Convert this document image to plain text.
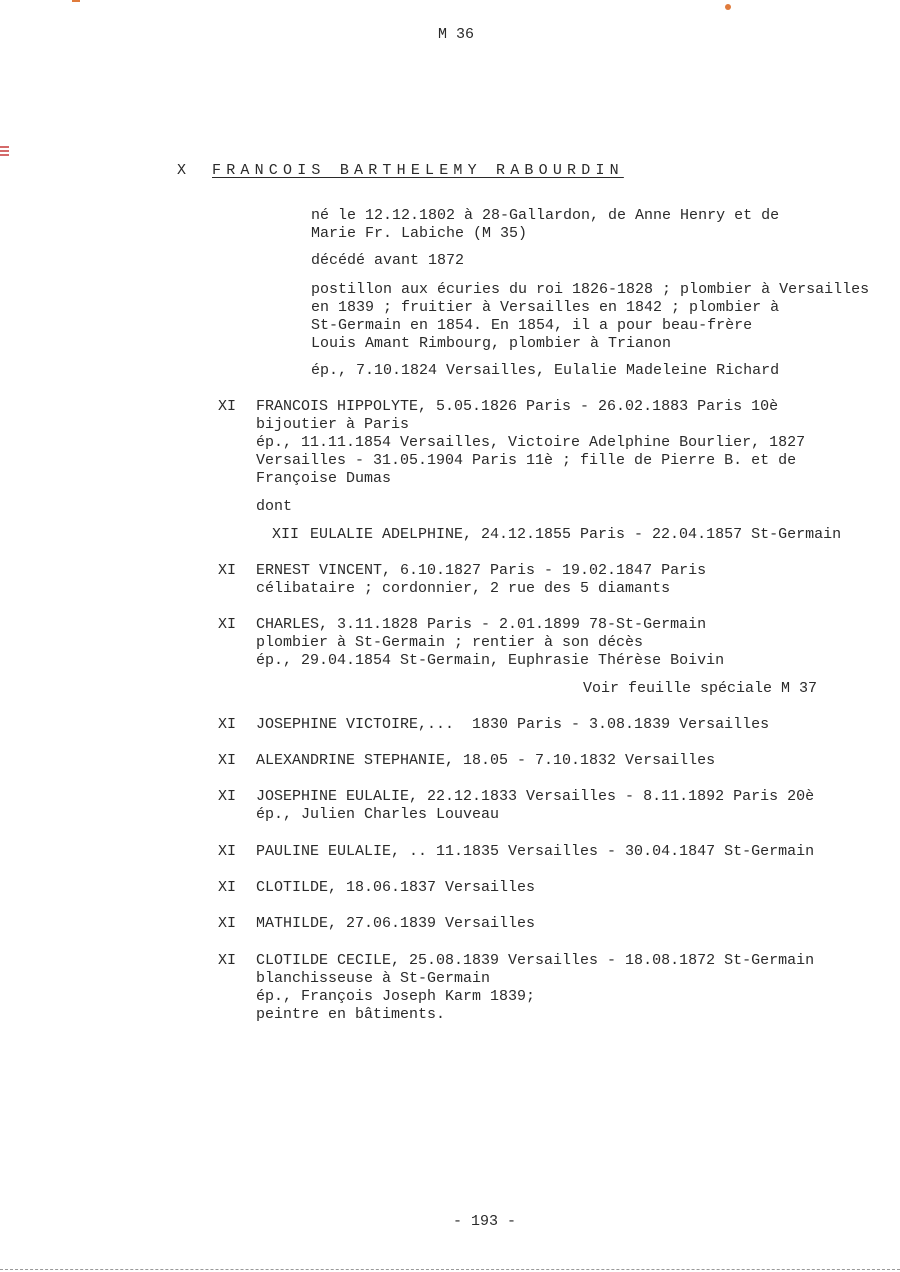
M 36
X FRANCOIS BARTHELEMY RABOURDIN
né le 12.12.1802 à 28-Gallardon, de Anne Henry et de
Marie Fr. Labiche (M 35)
décédé avant 1872
postillon aux écuries du roi 1826-1828 ; plombier à Versailles
en 1839 ; fruitier à Versailles en 1842 ; plombier à
St-Germain en 1854. En 1854, il a pour beau-frère
Louis Amant Rimbourg, plombier à Trianon
ép., 7.10.1824 Versailles, Eulalie Madeleine Richard
XI FRANCOIS HIPPOLYTE, 5.05.1826 Paris - 26.02.1883 Paris 10è
bijoutier à Paris
ép., 11.11.1854 Versailles, Victoire Adelphine Bourlier, 1827
Versailles - 31.05.1904 Paris 11è ; fille de Pierre B. et de
Françoise Dumas
dont
XII EULALIE ADELPHINE, 24.12.1855 Paris - 22.04.1857 St-Germain
XI ERNEST VINCENT, 6.10.1827 Paris - 19.02.1847 Paris
célibataire ; cordonnier, 2 rue des 5 diamants
XI CHARLES, 3.11.1828 Paris - 2.01.1899 78-St-Germain
plombier à St-Germain ; rentier à son décès
ép., 29.04.1854 St-Germain, Euphrasie Thérèse Boivin
Voir feuille spéciale M 37
XI JOSEPHINE VICTOIRE,...  1830 Paris - 3.08.1839 Versailles
XI ALEXANDRINE STEPHANIE, 18.05 - 7.10.1832 Versailles
XI JOSEPHINE EULALIE, 22.12.1833 Versailles - 8.11.1892 Paris 20è
ép., Julien Charles Louveau
XI PAULINE EULALIE, .. 11.1835 Versailles - 30.04.1847 St-Germain
XI CLOTILDE, 18.06.1837 Versailles
XI MATHILDE, 27.06.1839 Versailles
XI CLOTILDE CECILE, 25.08.1839 Versailles - 18.08.1872 St-Germain
blanchisseuse à St-Germain
ép., François Joseph Karm 1839;
peintre en bâtiments.
- 193 -
